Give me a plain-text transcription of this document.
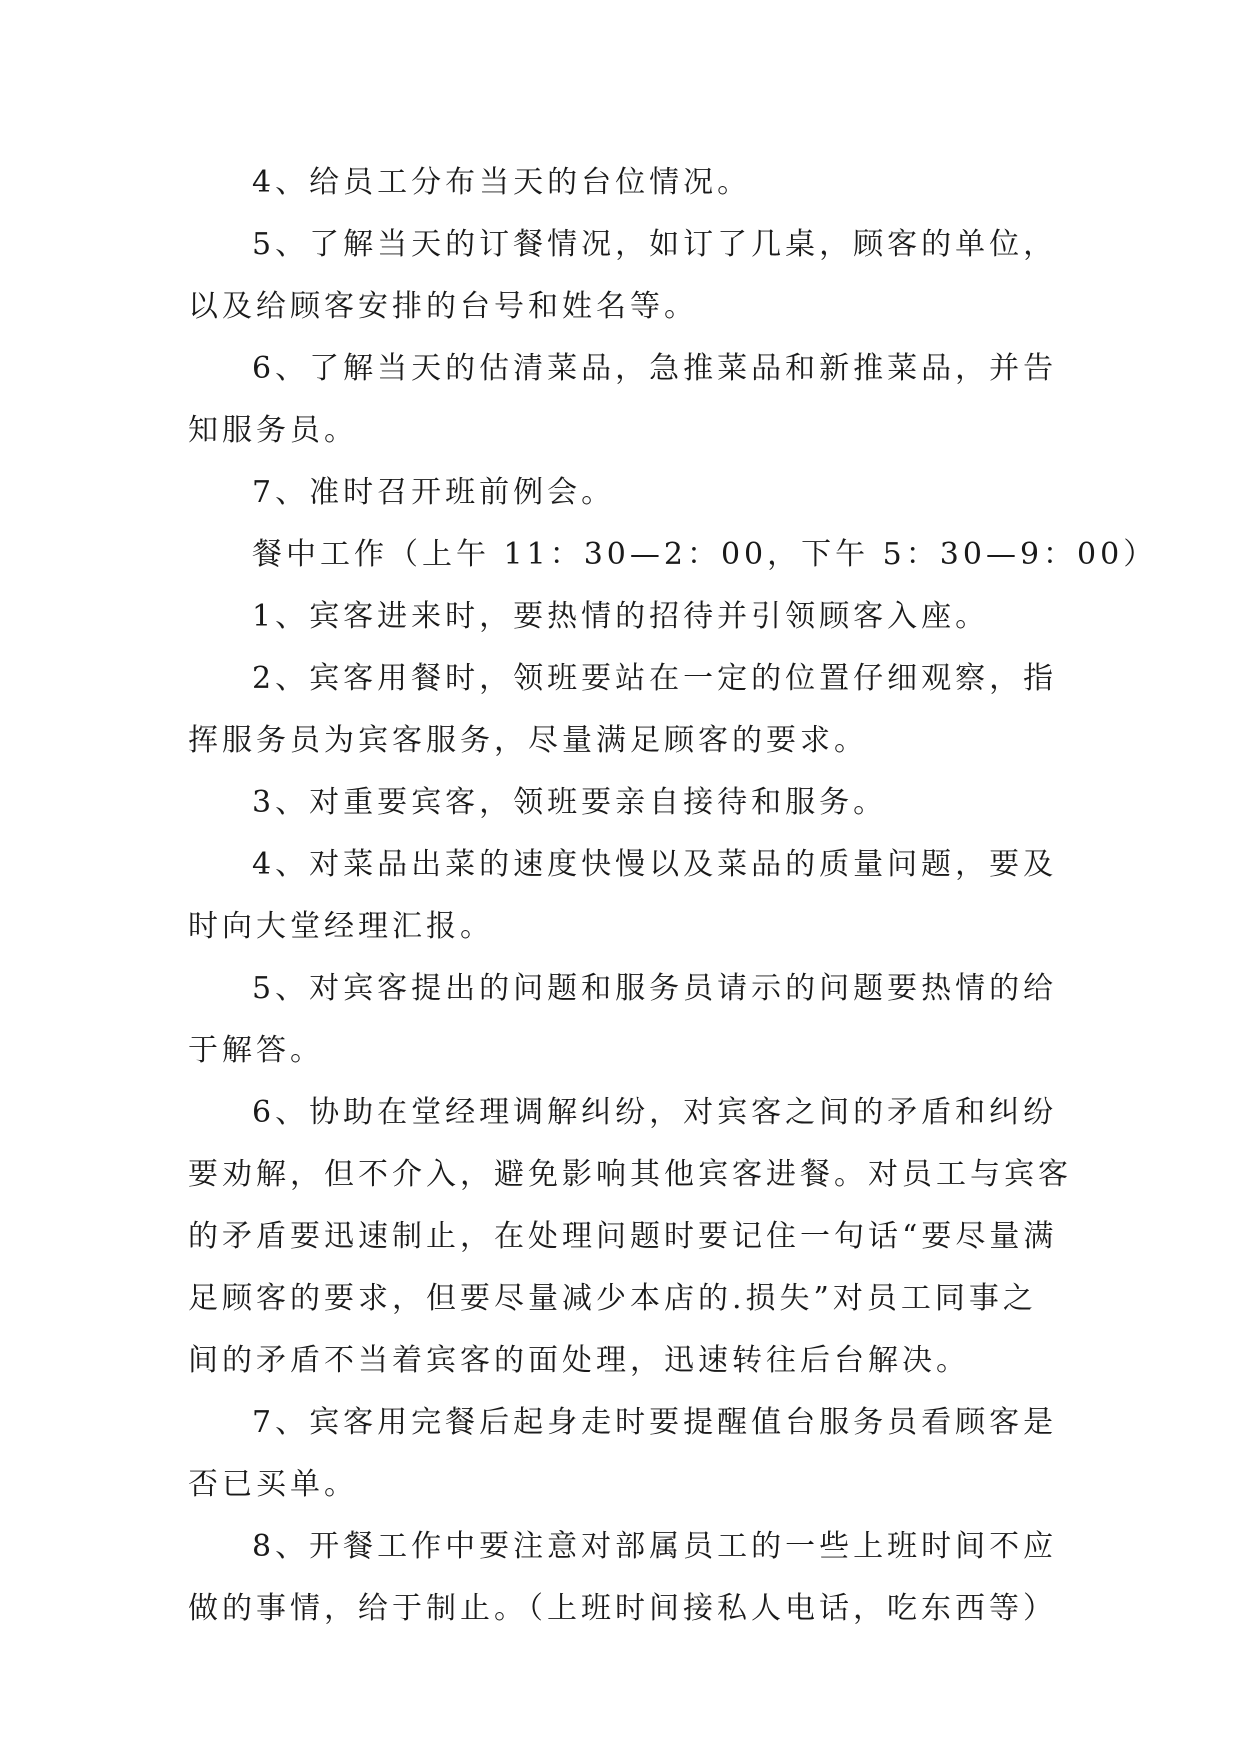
4、给员工分布当天的台位情况。
5、了解当天的订餐情况，如订了几桌，顾客的单位，
以及给顾客安排的台号和姓名等。
6、了解当天的估清菜品，急推菜品和新推菜品，并告
知服务员。
7、准时召开班前例会。
餐中工作（上午 11：30—2：00，下午 5：30—9：00）
1、宾客进来时，要热情的招待并引领顾客入座。
2、宾客用餐时，领班要站在一定的位置仔细观察，指
挥服务员为宾客服务，尽量满足顾客的要求。
3、对重要宾客，领班要亲自接待和服务。
4、对菜品出菜的速度快慢以及菜品的质量问题，要及
时向大堂经理汇报。
5、对宾客提出的问题和服务员请示的问题要热情的给
于解答。
6、协助在堂经理调解纠纷，对宾客之间的矛盾和纠纷
要劝解，但不介入，避免影响其他宾客进餐。对员工与宾客
的矛盾要迅速制止，在处理问题时要记住一句话“要尽量满
足顾客的要求，但要尽量减少本店的.损失”对员工同事之
间的矛盾不当着宾客的面处理，迅速转往后台解决。
7、宾客用完餐后起身走时要提醒值台服务员看顾客是
否已买单。
8、开餐工作中要注意对部属员工的一些上班时间不应
做的事情，给于制止。（上班时间接私人电话，吃东西等）
